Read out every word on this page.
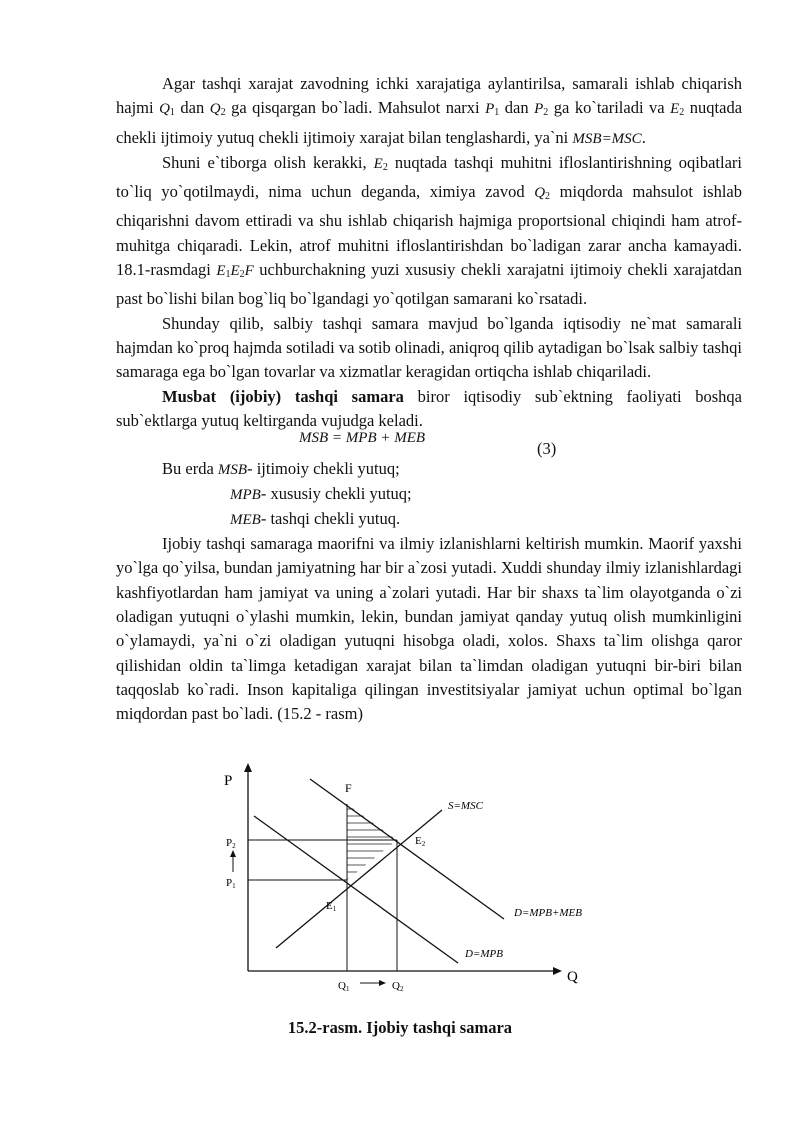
Agar tashqi xarajat zavodning ichki xarajatiga aylantirilsa, samarali ishlab chiqarish hajmi $Q_1$ dan $Q_2$ ga qisqargan bo`ladi. Mahsulot narxi $P_1$ dan $P_2$ ga ko`tariladi va $E_2$ nuqtada chekli ijtimoiy yutuq chekli ijtimoiy xarajat bilan tenglashardi, ya`ni MSB=MSC.

Shuni e`tiborga olish kerakki, $E_2$ nuqtada tashqi muhitni ifloslantirishning oqibatlari to`liq yo`qotilmaydi, nima uchun deganda, ximiya zavod $Q_2$ miqdorda mahsulot ishlab chiqarishni davom ettiradi va shu ishlab chiqarish hajmiga proportsional chiqindi ham atrof-muhitga chiqaradi. Lekin, atrof muhitni ifloslantirishdan bo`ladigan zarar ancha kamayadi. 18.1-rasmdagi $E_1E_2F$ uchburchakning yuzi xususiy chekli xarajatni ijtimoiy chekli xarajatdan past bo`lishi bilan bog`liq bo`lgandagi yo`qotilgan samarani ko`rsatadi.

Shunday qilib, salbiy tashqi samara mavjud bo`lganda iqtisodiy ne`mat samarali hajmdan ko`proq hajmda sotiladi va sotib olinadi, aniqroq qilib aytadigan bo`lsak salbiy tashqi samaraga ega bo`lgan tovarlar va xizmatlar keragidan ortiqcha ishlab chiqariladi.

Musbat (ijobiy) tashqi samara biror iqtisodiy sub`ektning faoliyati boshqa sub`ektlarga yutuq keltirganda vujudga keladi.

MSB = MPB + MEB
(3)

Bu erda MSB- ijtimoiy chekli yutuq;

MPB- xususiy chekli yutuq;

MEB- tashqi chekli yutuq.

Ijobiy tashqi samaraga maorifni va ilmiy izlanishlarni keltirish mumkin. Maorif yaxshi yo`lga qo`yilsa, bundan jamiyatning har bir a`zosi yutadi. Xuddi shunday ilmiy izlanishlardagi kashfiyotlardan ham jamiyat va uning a`zolari yutadi. Har bir shaxs ta`lim olayotganda o`zi oladigan yutuqni o`ylashi mumkin, lekin, bundan jamiyat qanday yutuq olish mumkinligini o`ylamaydi, ya`ni o`zi oladigan yutuqni hisobga oladi, xolos. Shaxs ta`lim olishga qaror qilishidan oldin ta`limga ketadigan xarajat bilan ta`limdan oladigan yutuqni bir-biri bilan taqqoslab ko`radi. Inson kapitaliga qilingan investitsiyalar jamiyat uchun optimal bo`lgan miqdordan past bo`ladi. (15.2 - rasm)

P
Q
P2
P1
Q1	Q2
F
E2
E1
S=MSC
D=MPB+MEB
D=MPB
15.2-rasm. Ijobiy tashqi samara
